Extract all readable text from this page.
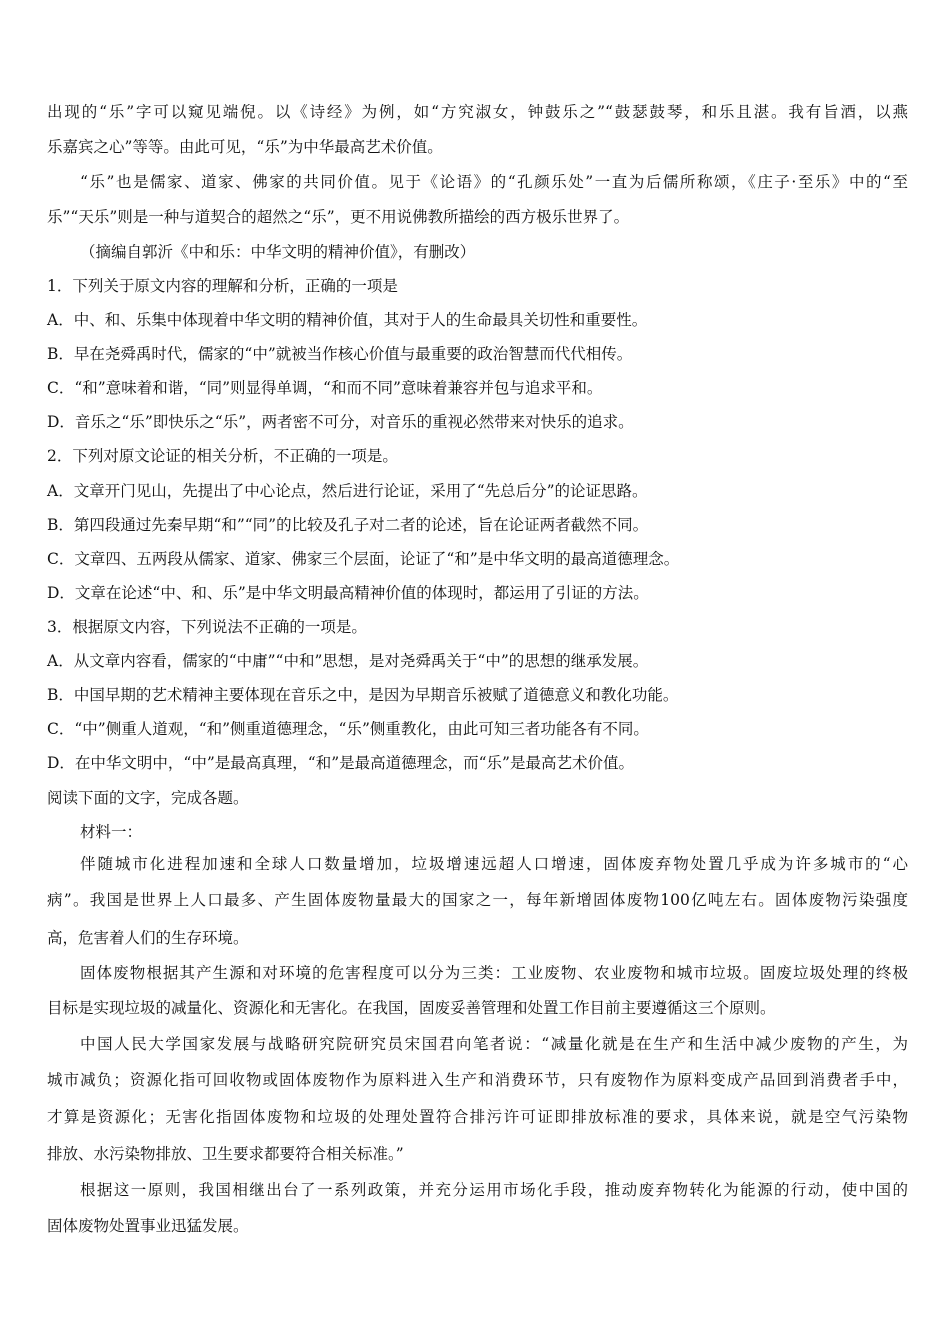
出现的“乐”字可以窥见端倪。以《诗经》为例，如“方究淑女，钟鼓乐之”“鼓瑟鼓琴，和乐且湛。我有旨酒，以燕
乐嘉宾之心”等等。由此可见，“乐”为中华最高艺术价值。
“乐”也是儒家、道家、佛家的共同价值。见于《论语》的“孔颜乐处”一直为后儒所称颂，《庄子·至乐》中的“至
乐”“天乐”则是一种与道契合的超然之“乐”，更不用说佛教所描绘的西方极乐世界了。
（摘编自郭沂《中和乐：中华文明的精神价值》，有删改）
1．下列关于原文内容的理解和分析，正确的一项是
A．中、和、乐集中体现着中华文明的精神价值，其对于人的生命最具关切性和重要性。
B．早在尧舜禹时代，儒家的“中”就被当作核心价值与最重要的政治智慧而代代相传。
C．“和”意味着和谐，“同”则显得单调，“和而不同”意味着兼容并包与追求平和。
D．音乐之“乐”即快乐之“乐”，两者密不可分，对音乐的重视必然带来对快乐的追求。
2．下列对原文论证的相关分析，不正确的一项是。
A．文章开门见山，先提出了中心论点，然后进行论证，采用了“先总后分”的论证思路。
B．第四段通过先秦早期“和”“同”的比较及孔子对二者的论述，旨在论证两者截然不同。
C．文章四、五两段从儒家、道家、佛家三个层面，论证了“和”是中华文明的最高道德理念。
D．文章在论述“中、和、乐”是中华文明最高精神价值的体现时，都运用了引证的方法。
3．根据原文内容，下列说法不正确的一项是。
A．从文章内容看，儒家的“中庸”“中和”思想，是对尧舜禹关于“中”的思想的继承发展。
B．中国早期的艺术精神主要体现在音乐之中，是因为早期音乐被赋了道德意义和教化功能。
C．“中”侧重人道观，“和”侧重道德理念，“乐”侧重教化，由此可知三者功能各有不同。
D．在中华文明中，“中”是最高真理，“和”是最高道德理念，而“乐”是最高艺术价值。
阅读下面的文字，完成各题。
材料一：
伴随城市化进程加速和全球人口数量增加，垃圾增速远超人口增速，固体废弃物处置几乎成为许多城市的“心
病”。我国是世界上人口最多、产生固体废物量最大的国家之一，每年新增固体废物100亿吨左右。固体废物污染强度
高，危害着人们的生存环境。
固体废物根据其产生源和对环境的危害程度可以分为三类：工业废物、农业废物和城市垃圾。固废垃圾处理的终极
目标是实现垃圾的减量化、资源化和无害化。在我国，固废妥善管理和处置工作目前主要遵循这三个原则。
中国人民大学国家发展与战略研究院研究员宋国君向笔者说：“减量化就是在生产和生活中减少废物的产生，为
城市减负；资源化指可回收物或固体废物作为原料进入生产和消费环节，只有废物作为原料变成产品回到消费者手中，
才算是资源化；无害化指固体废物和垃圾的处理处置符合排污许可证即排放标准的要求，具体来说，就是空气污染物
排放、水污染物排放、卫生要求都要符合相关标准。”
根据这一原则，我国相继出台了一系列政策，并充分运用市场化手段，推动废弃物转化为能源的行动，使中国的
固体废物处置事业迅猛发展。
